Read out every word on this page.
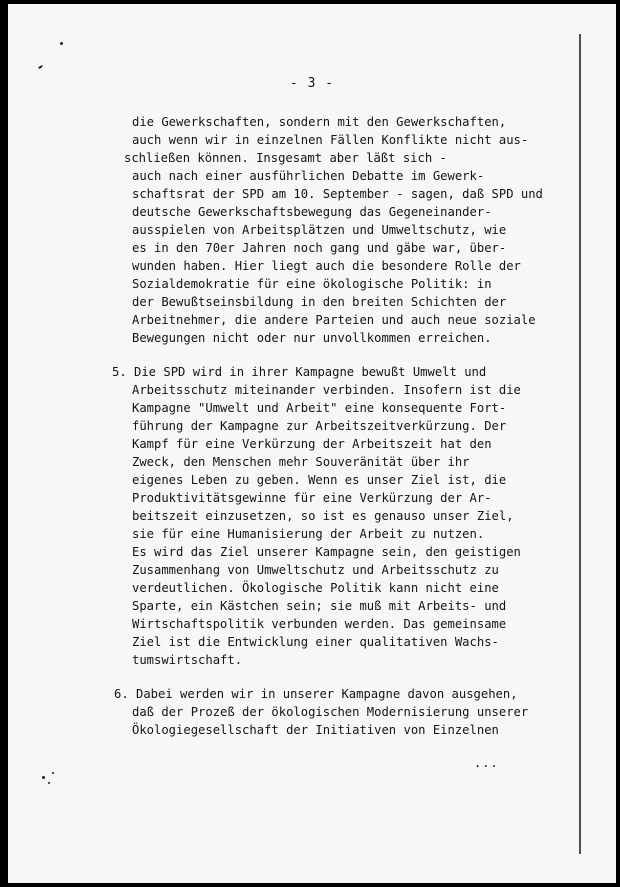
- 3 -
die Gewerkschaften, sondern mit den Gewerkschaften,
auch wenn wir in einzelnen Fällen Konflikte nicht aus-
schließen können. Insgesamt aber läßt sich -
auch nach einer ausführlichen Debatte im Gewerk-
schaftsrat der SPD am 10. September - sagen, daß SPD und
deutsche Gewerkschaftsbewegung das Gegeneinander-
ausspielen von Arbeitsplätzen und Umweltschutz, wie
es in den 70er Jahren noch gang und gäbe war, über-
wunden haben. Hier liegt auch die besondere Rolle der
Sozialdemokratie für eine ökologische Politik: in
der Bewußtseinsbildung in den breiten Schichten der
Arbeitnehmer, die andere Parteien und auch neue soziale
Bewegungen nicht oder nur unvollkommen erreichen.
5. Die SPD wird in ihrer Kampagne bewußt Umwelt und
Arbeitsschutz miteinander verbinden. Insofern ist die
Kampagne "Umwelt und Arbeit" eine konsequente Fort-
führung der Kampagne zur Arbeitszeitverkürzung. Der
Kampf für eine Verkürzung der Arbeitszeit hat den
Zweck, den Menschen mehr Souveränität über ihr
eigenes Leben zu geben. Wenn es unser Ziel ist, die
Produktivitätsgewinne für eine Verkürzung der Ar-
beitszeit einzusetzen, so ist es genauso unser Ziel,
sie für eine Humanisierung der Arbeit zu nutzen.
Es wird das Ziel unserer Kampagne sein, den geistigen
Zusammenhang von Umweltschutz und Arbeitsschutz zu
verdeutlichen. Ökologische Politik kann nicht eine
Sparte, ein Kästchen sein; sie muß mit Arbeits- und
Wirtschaftspolitik verbunden werden. Das gemeinsame
Ziel ist die Entwicklung einer qualitativen Wachs-
tumswirtschaft.
6. Dabei werden wir in unserer Kampagne davon ausgehen,
daß der Prozeß der ökologischen Modernisierung unserer
Ökologiegesellschaft der Initiativen von Einzelnen
...
